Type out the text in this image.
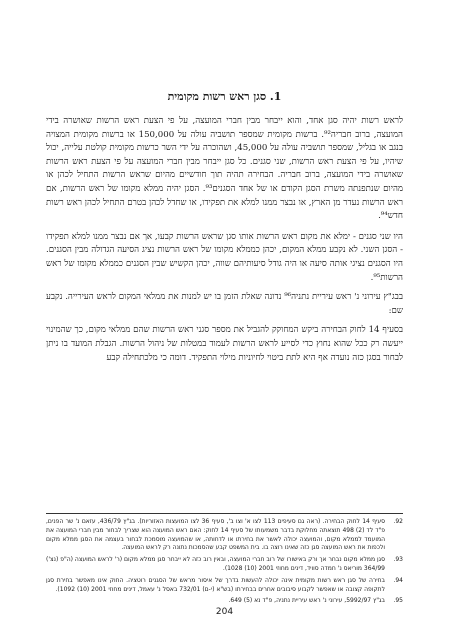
1. סגן ראש רשות מקומית

לראש רשות יהיה סגן אחד, והוא ייבחר מבין חברי המועצה, על פי הצעת ראש הרשות שאושרה בידי המועצה, ברוב חבריה⁹². ברשות מקומית שמספר תושביה עולה על 150,000 או ברשות מקומית המצויה בנגב או בגליל, שמספר תושביה עולה על 45,000, ושהוכרה על ידי השר כרשות מקומית קולטת עלייה, יכול שיהיו, על פי הצעת ראש הרשות, שני סגנים. כל סגן ייבחר מבין חברי המועצה על פי הצעת ראש הרשות שאושרה בידי המועצה, ברוב חבריה. הבחירה תהיה תוך חודשיים מהיום שראש הרשות התחיל לכהן או מהיום שנתפנתה משרת הסגן הקודם או של אחד הסגנים⁹³. הסגן יהיה ממלא מקומו של ראש הרשות, אם ראש הרשות נעדר מן הארץ, או נבצר ממנו למלא את תפקידו, או שחדל לכהן בטרם התחיל לכהן ראש רשות חדש⁹⁴.

היו שני סגנים - ימלא את מקום ראש הרשות אותו סגן שראש הרשות קבעו, אך אם נבצר ממנו למלא תפקידו - הסגן השני. לא נקבע ממלא המקום, יכהן כממלא מקומו של ראש הרשות נציג הסיעה הגדולה מבין הסגנים. היו הסגנים נציגי אותה סיעה או היה גודל סיעותיהם שווה, יכהן הקשיש שבין הסגנים כממלא מקומו של ראש הרשות⁹⁵.

בבג"ץ עירוני נ' ראש עיריית נתניה⁹⁶ נדונה שאלת הזמן בו יש למנות את ממלאי המקום לראש העירייה. נקבע שם:

בסעיף 14 לחוק הבחירה ביקש המחוקק להגביל את מספר סגני ראש הרשות שהם ממלאי מקום, כך שהמינוי ייעשה רק ככל שהוא נחוץ כדי לסייע לראש הרשות לעמוד במטלות של ניהול הרשות. הגבלת המועד בו ניתן לבחור בסגן כזה נועדה אף היא לתת ביטוי לחיוניות מילוי התפקיד. דומה כי מלכתחילה קבע

92.
סעיף 14 לחוק הבחירה. (ראה גם סעיפים 113 לצו א' וצו ב', סעיף 36 לצו המועצות האזוריות). בג"ץ 436/79, עזאם נ' שר הפנים, פ"ד לד (2) 498 תוצאתה מחלוקת בדבר משמעותו של סעיף 14 לחוק: האם ראש המועצה הוא שצריך לבחור מבין חברי המועצה את המועמד לממלא מקום, והמועצה יכולה לאשר את בחירתו או לדחותה, או שהמועצה מוסמכת לבחור בעצמה את הסגן ממלא מקום ולכפות את ראש המועצה סגן כזה שאינו רוצה בו. בית המשפט קבע שהסמכות נתונה רק לראש המועצה.
93.
סגן ממלא מקום נבחר אך ורק באישורו של רוב חברי המועצה, ובאין רוב כזה לא ייבחר סגן ממלא מקום (ר' לראש המועצה (ה"פ (נצ') 364/99 מוריאס נ' חמדה סוויד, דינים מחוזי 2001 (10) 1028).
94.
בחירה של סגן ראש רשות מקומית אינה יכולה להעשות בדרך של איסור מראש של הסגנים רוטציה. החוק אינו מאפשר בחירת סגן לתקופה קצובה או שאפשר לקבוע סיבובים אחרים בבחירתו (בש"א (י-ם) 732/01 באסל נ' עאמל, דינים מחוזי 2001 (10) 1092).
95.
בג"ץ 5992/97, עירוני נ' ראש עיריית נתניה, פ"ד נא (5) 649.
204
